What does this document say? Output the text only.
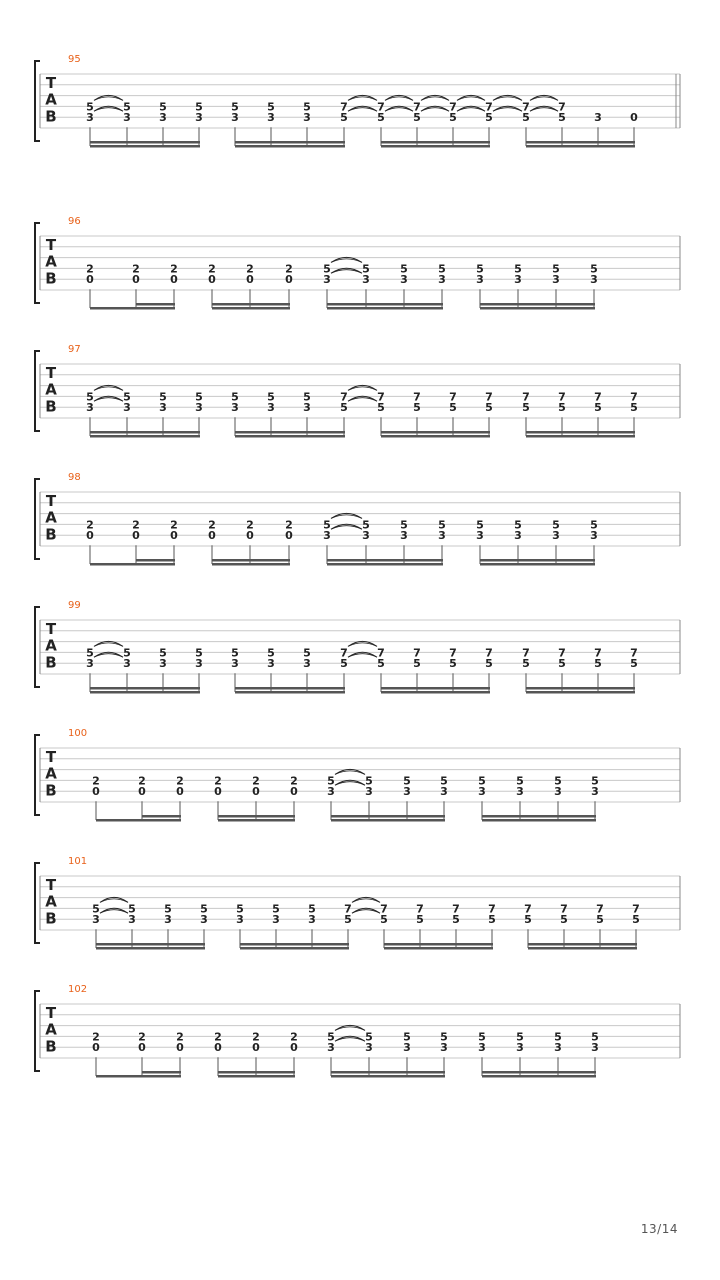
95
T
A
B
5
3
5
3
5
3
5
3
5
3
5
3
5
3
7
5
7
5
7
5
7
5
7
5
7
5
7
5	3	0
96
T
A
B
2
0
2
0
2
0
2
0
2
0
2
0
5
3
5
3
5
3
5
3
5
3
5
3
5
3
5
3
97
T
A
B
5
3
5
3
5
3
5
3
5
3
5
3
5
3
7
5
7
5
7
5
7
5
7
5
7
5
7
5
7
5
7
5
98
T
A
B
2
0
2
0
2
0
2
0
2
0
2
0
5
3
5
3
5
3
5
3
5
3
5
3
5
3
5
3
99
T
A
B
5
3
5
3
5
3
5
3
5
3
5
3
5
3
7
5
7
5
7
5
7
5
7
5
7
5
7
5
7
5
7
5
100
T
A
B
2
0
2
0
2
0
2
0
2
0
2
0
5
3
5
3
5
3
5
3
5
3
5
3
5
3
5
3
101
T
A
B
5
3
5
3
5
3
5
3
5
3
5
3
5
3
7
5
7
5
7
5
7
5
7
5
7
5
7
5
7
5
7
5
102
T
A
B
2
0
2
0
2
0
2
0
2
0
2
0
5
3
5
3
5
3
5
3
5
3
5
3
5
3
5
3
13/14
